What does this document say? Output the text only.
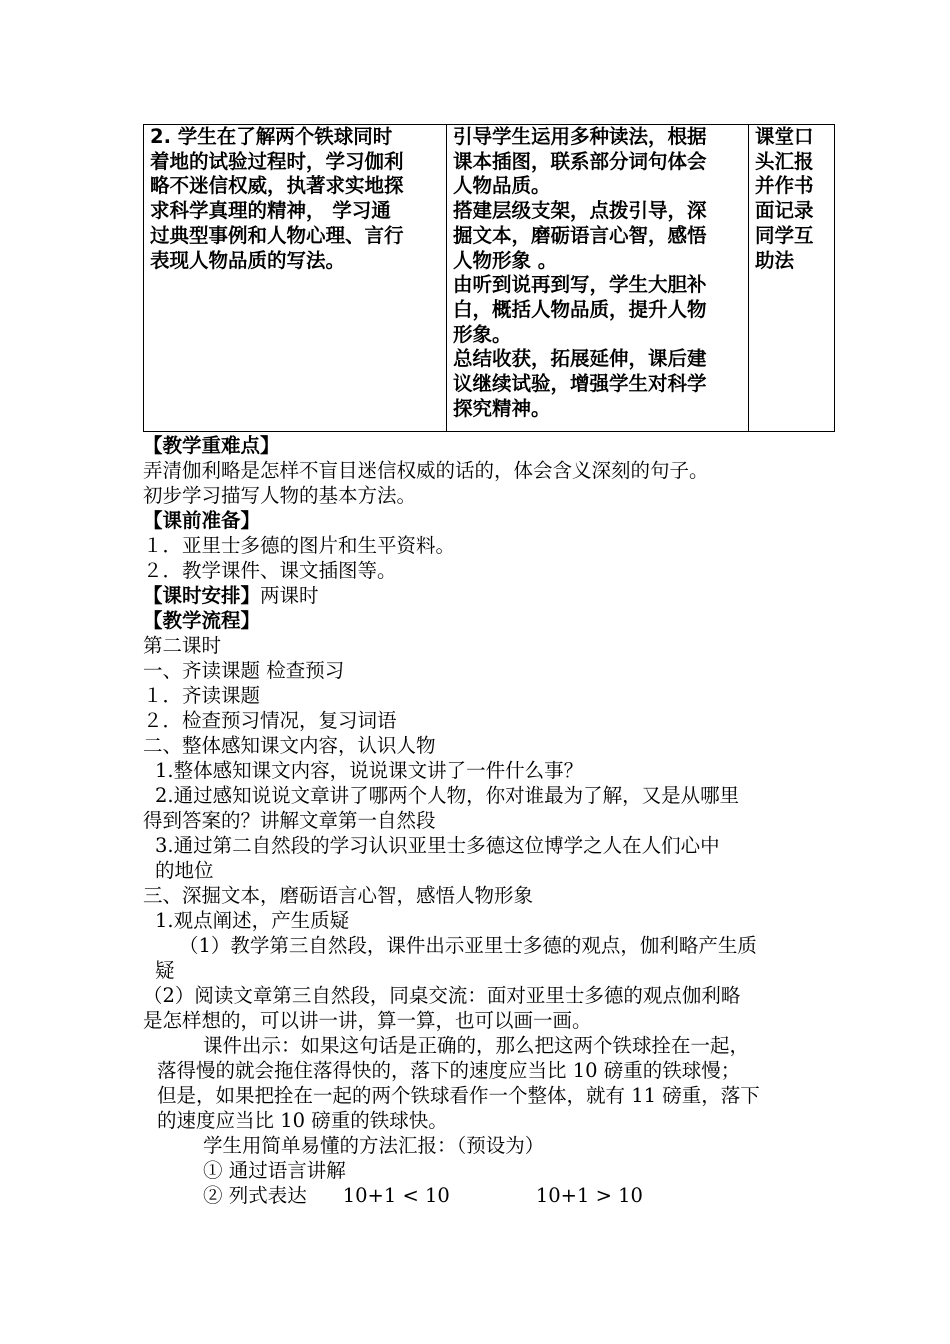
2. 学生在了解两个铁球同时
着地的试验过程时，学习伽利
略不迷信权威，执著求实地探
求科学真理的精神， 学习通
过典型事例和人物心理、言行
表现人物品质的写法。

引导学生运用多种读法，根据
课本插图，联系部分词句体会
人物品质。
搭建层级支架，点拨引导，深
掘文本，磨砺语言心智，感悟
人物形象 。
由听到说再到写，学生大胆补
白，概括人物品质，提升人物
形象。
总结收获，拓展延伸，课后建
议继续试验，增强学生对科学
探究精神。

课堂口
头汇报
并作书
面记录
同学互
助法
【教学重难点】
弄清伽利略是怎样不盲目迷信权威的话的，体会含义深刻的句子。
初步学习描写人物的基本方法。
【课前准备】
１．亚里士多德的图片和生平资料。
２．教学课件、课文插图等。
【课时安排】两课时
【教学流程】
第二课时
一、齐读课题 检查预习
１．齐读课题
２．检查预习情况，复习词语
二、整体感知课文内容，认识人物
1.整体感知课文内容，说说课文讲了一件什么事？
2.通过感知说说文章讲了哪两个人物，你对谁最为了解，又是从哪里
得到答案的？讲解文章第一自然段
3.通过第二自然段的学习认识亚里士多德这位博学之人在人们心中
的地位
三、深掘文本，磨砺语言心智，感悟人物形象
1.观点阐述，产生质疑
（1）教学第三自然段，课件出示亚里士多德的观点，伽利略产生质
疑
（2）阅读文章第三自然段，同桌交流：面对亚里士多德的观点伽利略
是怎样想的，可以讲一讲，算一算，也可以画一画。
课件出示：如果这句话是正确的，那么把这两个铁球拴在一起，
落得慢的就会拖住落得快的，落下的速度应当比 10 磅重的铁球慢；
但是，如果把拴在一起的两个铁球看作一个整体，就有 11 磅重，落下
的速度应当比 10 磅重的铁球快。
学生用简单易懂的方法汇报：（预设为）
① 通过语言讲解
② 列式表达 10+1 < 10	10+1 > 10
